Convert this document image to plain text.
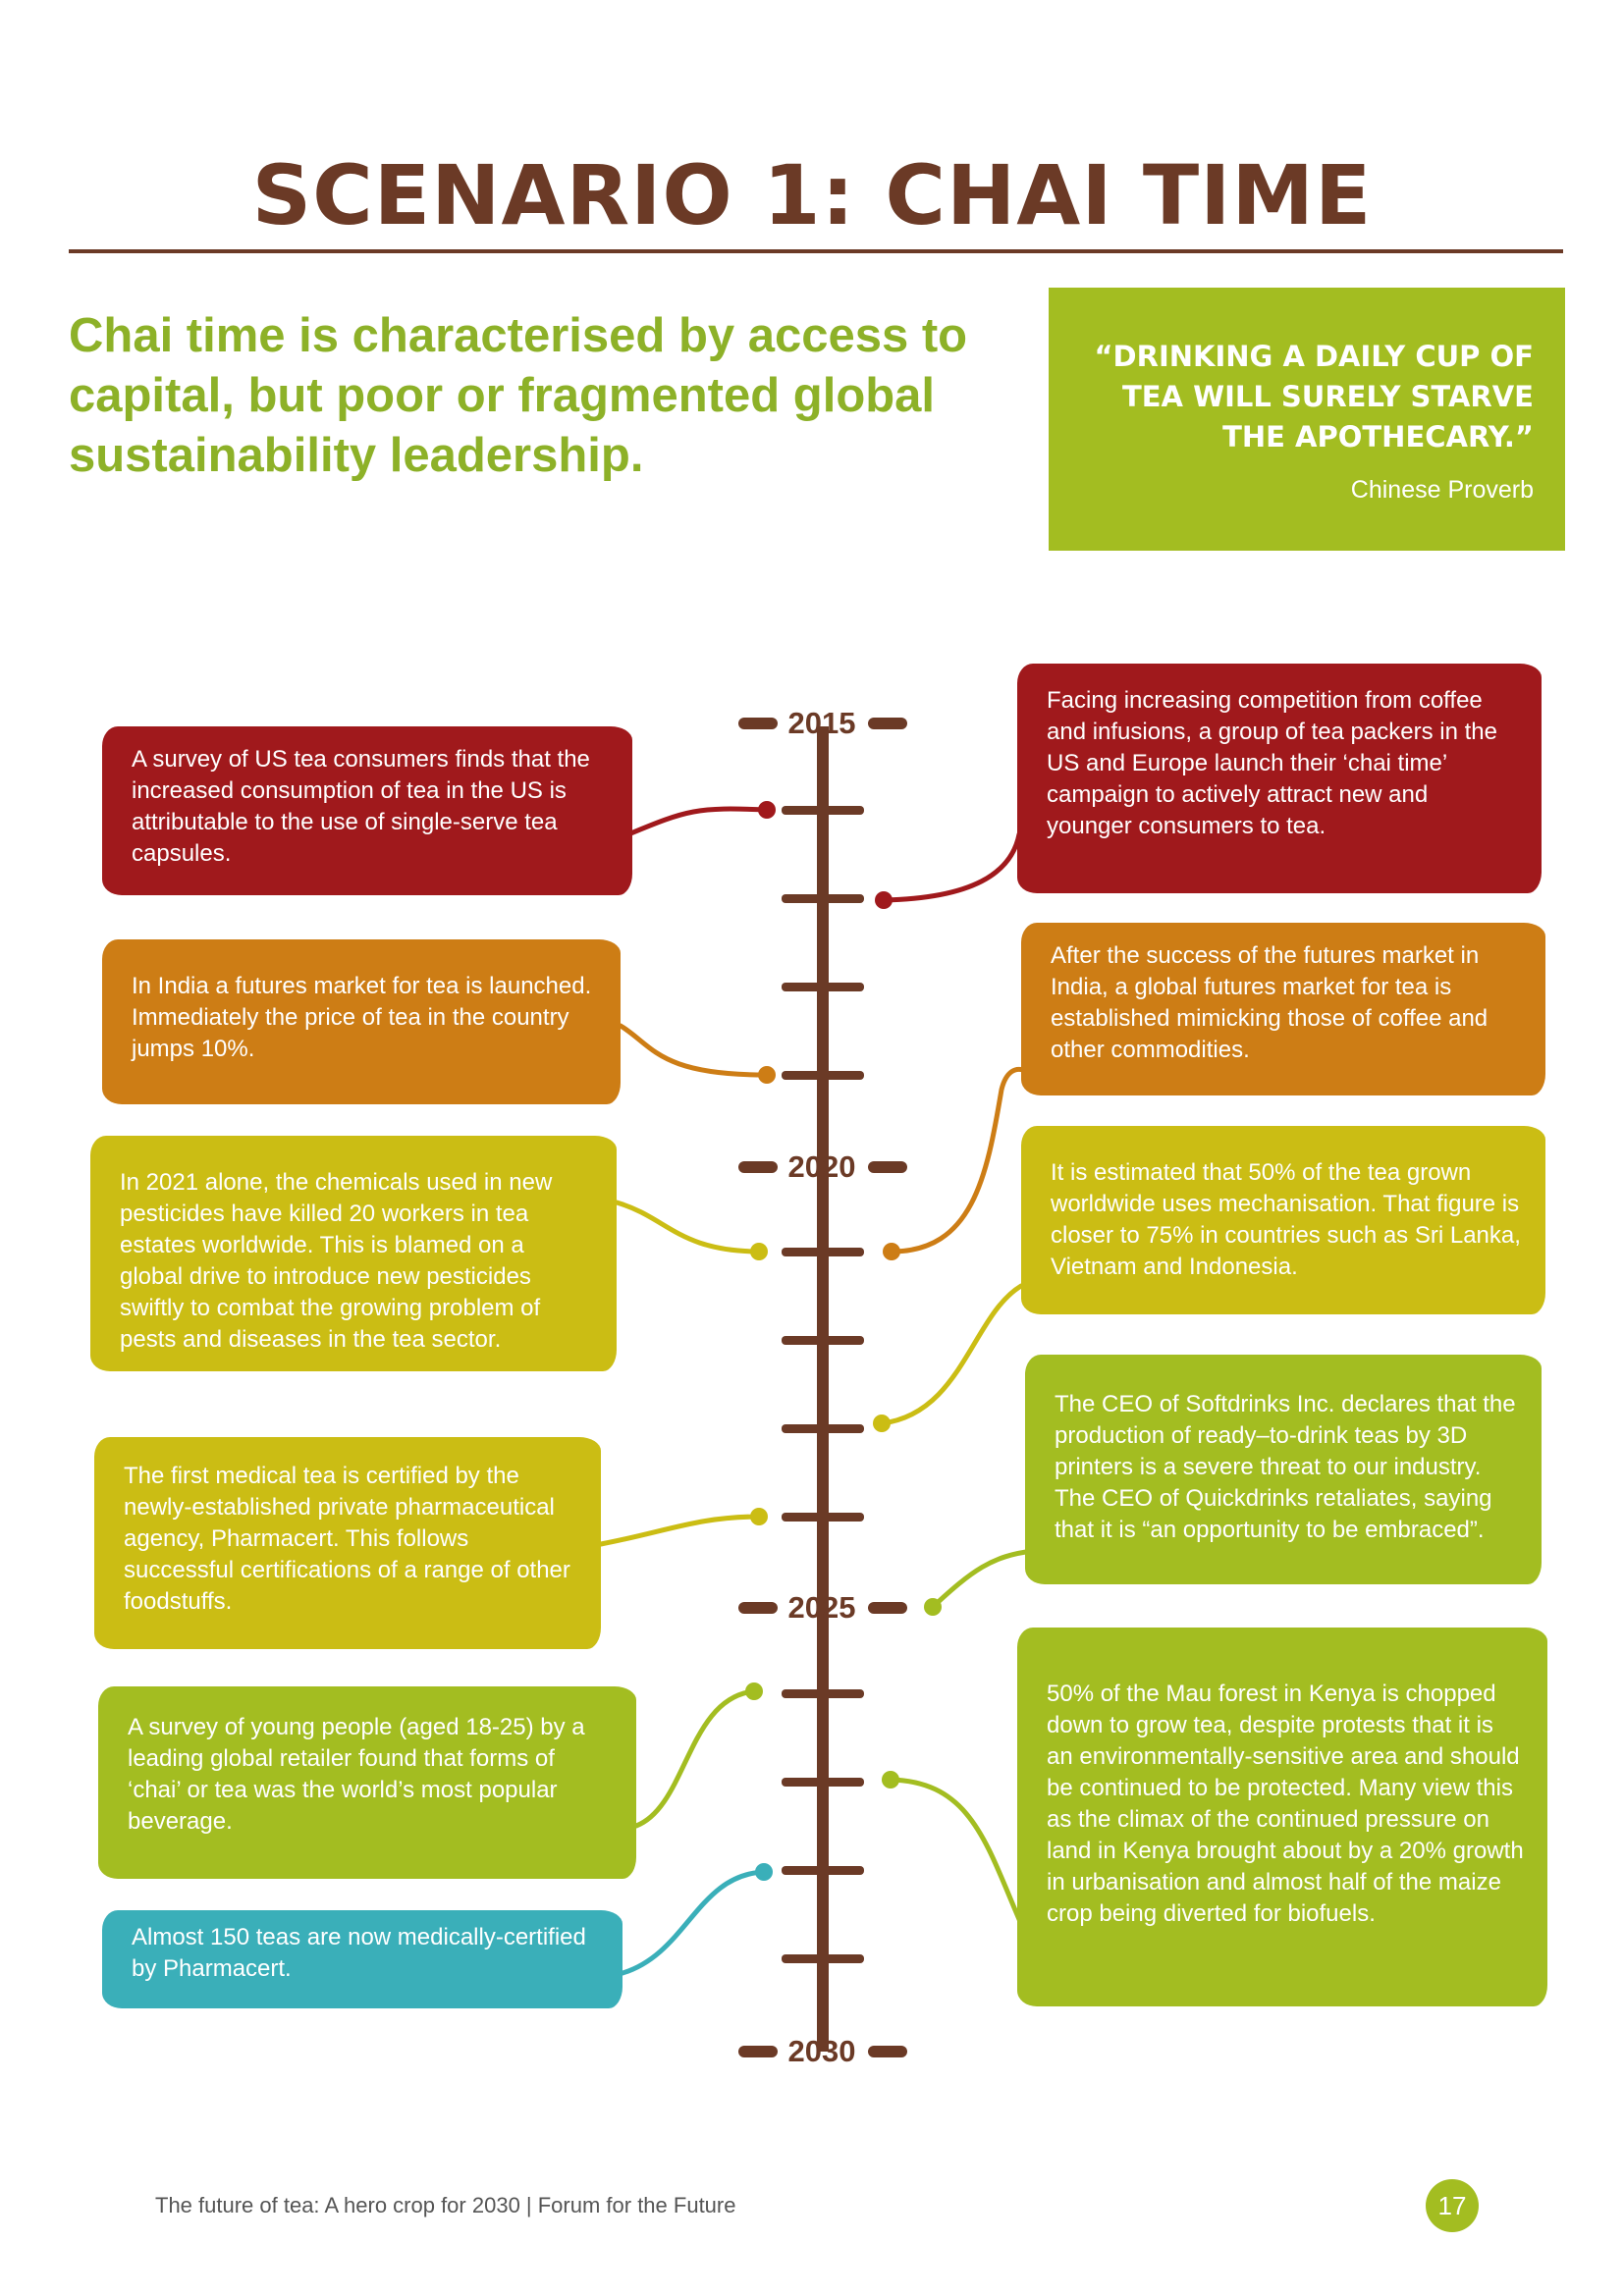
SCENARIO 1: CHAI TIME

Chai time is characterised by access to capital, but poor or fragmented global sustainability leadership.

“DRINKING A DAILY CUP OF TEA WILL SURELY STARVE THE APOTHECARY.”
Chinese Proverb
2015
2020
2025
2030
A survey of US tea consumers finds that the increased consumption of tea in the US is attributable to the use of single-serve tea capsules.
In India a futures market for tea is launched. Immediately the price of tea in the country jumps 10%.
In 2021 alone, the chemicals used in new pesticides have killed 20 workers in tea estates worldwide. This is blamed on a global drive to introduce new pesticides swiftly to combat the growing problem of pests and diseases in the tea sector.
The first medical tea is certified by the newly-established private pharmaceutical agency, Pharmacert. This follows successful certifications of a range of other foodstuffs.
A survey of young people (aged 18-25) by a leading global retailer found that forms of ‘chai’ or tea was the world’s most popular beverage.
Almost 150 teas are now medically-certified by Pharmacert.
Facing increasing competition from coffee and infusions, a group of tea packers in the US and Europe launch their ‘chai time’ campaign to actively attract new and younger consumers to tea.
After the success of the futures market in India, a global futures market for tea is established mimicking those of coffee and other commodities.
It is estimated that 50% of the tea grown worldwide uses mechanisation. That figure is closer to 75% in countries such as Sri Lanka, Vietnam and Indonesia.
The CEO of Softdrinks Inc. declares that the production of ready–to-drink teas by 3D printers is a severe threat to our industry. The CEO of Quickdrinks retaliates, saying that it is “an opportunity to be embraced”.
50% of the Mau forest in Kenya is chopped down to grow tea, despite protests that it is an environmentally-sensitive area and should be continued to be protected. Many view this as the climax of the continued pressure on land in Kenya brought about by a 20% growth in urbanisation and almost half of the maize crop being diverted for biofuels.
The future of tea: A hero crop for 2030 | Forum for the Future	17
